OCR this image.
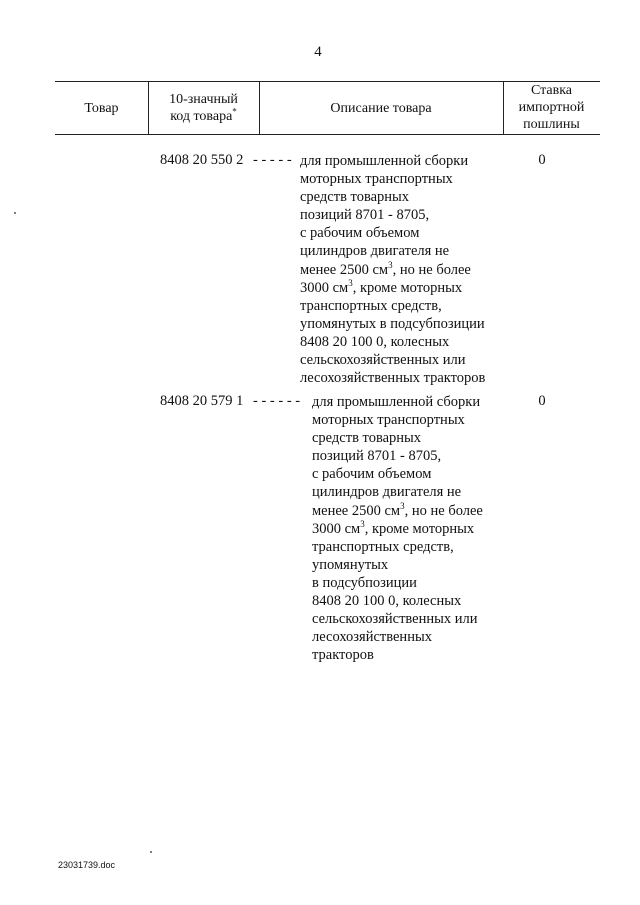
4
Товар
10-значный
код товара*	Описание товара
Ставка
импортной
пошлины
8408 20 550 2 - - - - - для промышленной сборки
моторных транспортных
средств товарных
позиций 8701 - 8705,
с рабочим объемом
цилиндров двигателя не
менее 2500 $см^3$, но не более
3000 $см^3$, кроме моторных
транспортных средств,
упомянутых в подсубпозиции
8408 20 100 0, колесных
сельскохозяйственных или
лесохозяйственных тракторов
0
8408 20 579 1 - - - - - - для промышленной сборки
моторных транспортных
средств товарных
позиций 8701 - 8705,
с рабочим объемом
цилиндров двигателя не
менее 2500 $см^3$, но не более
3000 $см^3$, кроме моторных
транспортных средств,
упомянутых
в подсубпозиции
8408 20 100 0, колесных
сельскохозяйственных или
лесохозяйственных
тракторов
0
23031739.doc
